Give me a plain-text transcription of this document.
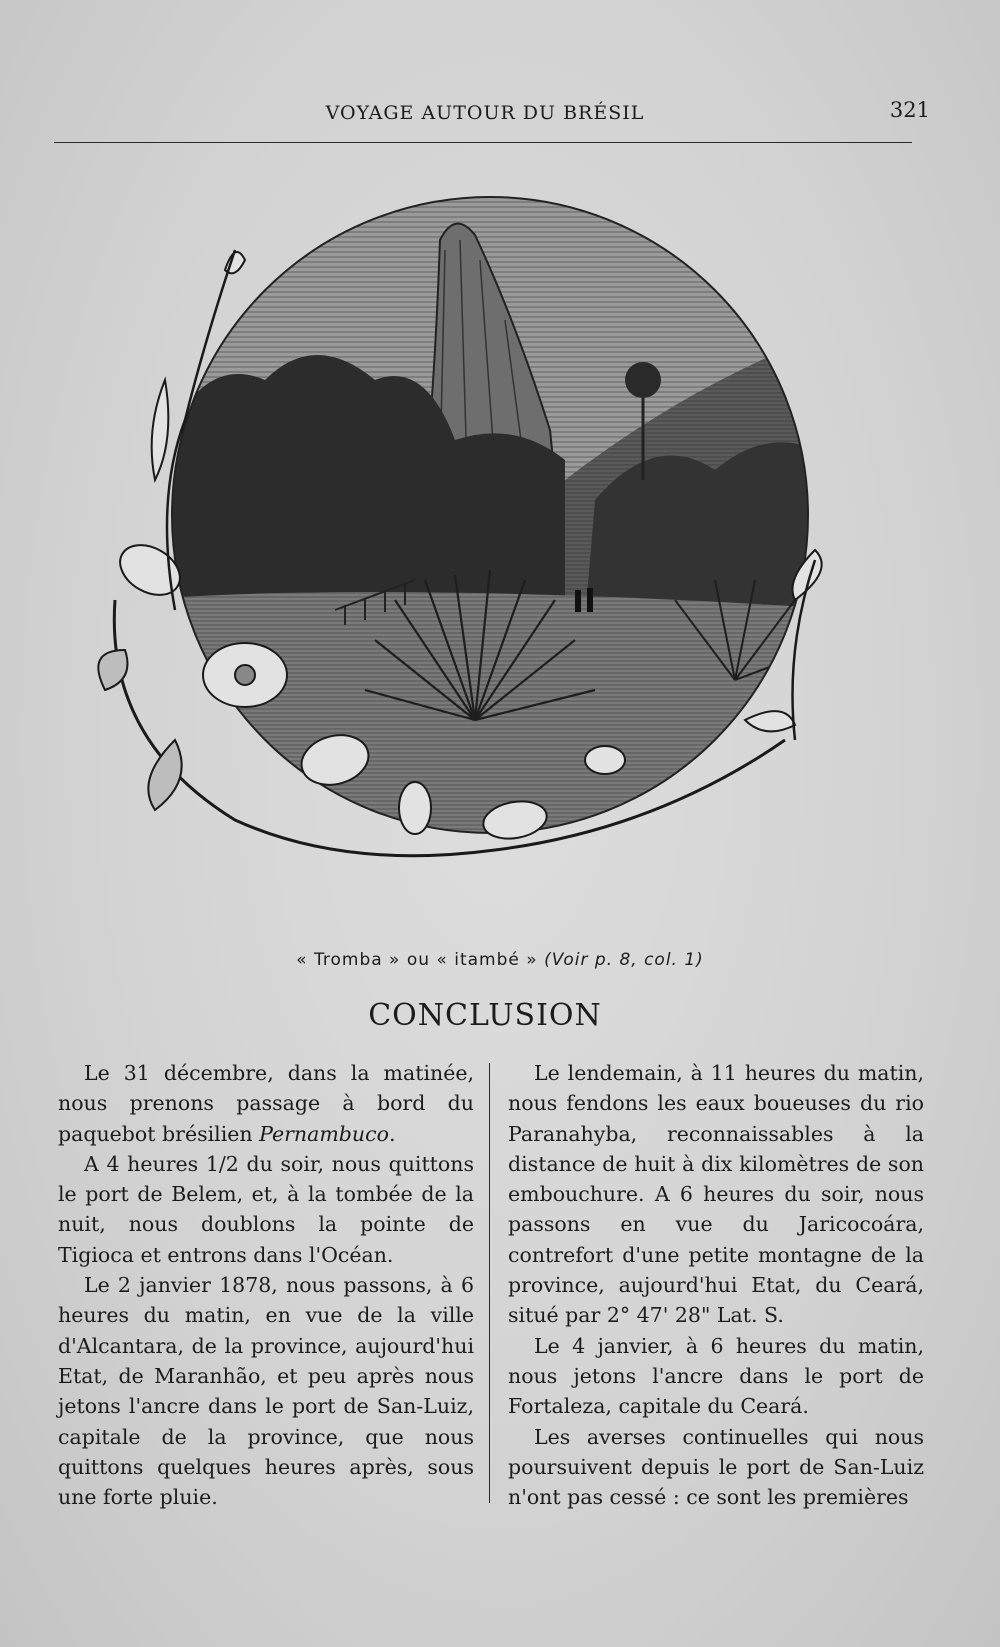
VOYAGE AUTOUR DU BRÉSIL	321
« Tromba » ou « itambé » (Voir p. 8, col. 1)
CONCLUSION

Le 31 décembre, dans la matinée, nous prenons passage à bord du paquebot brésilien Pernambuco.

A 4 heures 1/2 du soir, nous quittons le port de Belem, et, à la tombée de la nuit, nous doublons la pointe de Tigioca et entrons dans l'Océan.

Le 2 janvier 1878, nous passons, à 6 heures du matin, en vue de la ville d'Alcantara, de la province, aujourd'hui Etat, de Maranhão, et peu après nous jetons l'ancre dans le port de San-Luiz, capitale de la province, que nous quittons quelques heures après, sous une forte pluie.

Le lendemain, à 11 heures du matin, nous fendons les eaux boueuses du rio Paranahyba, reconnaissables à la distance de huit à dix kilomètres de son embouchure. A 6 heures du soir, nous passons en vue du Jaricocoára, contrefort d'une petite montagne de la province, aujourd'hui Etat, du Ceará, situé par 2° 47' 28" Lat. S.

Le 4 janvier, à 6 heures du matin, nous jetons l'ancre dans le port de Fortaleza, capitale du Ceará.

Les averses continuelles qui nous poursuivent depuis le port de San-Luiz n'ont pas cessé : ce sont les premières
